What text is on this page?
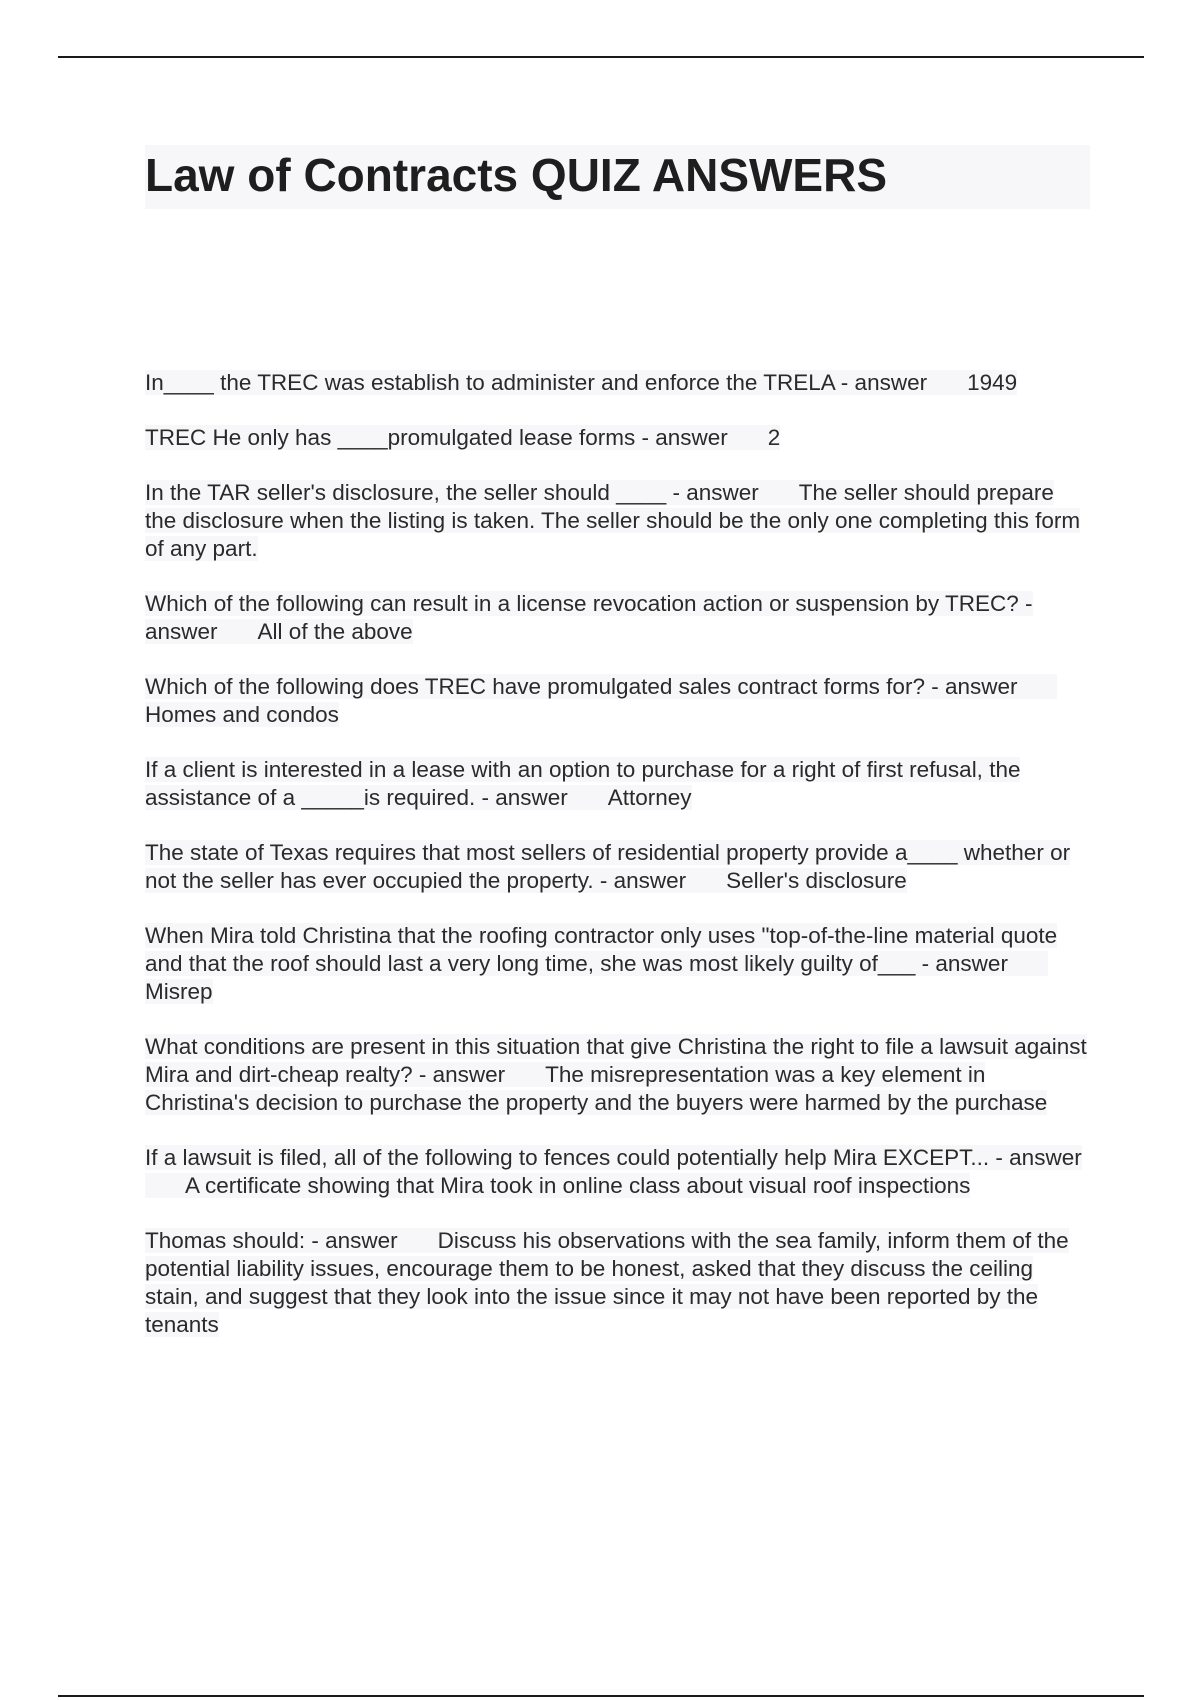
Law of Contracts QUIZ ANSWERS
In____ the TREC was establish to administer and enforce the TRELA - answer 1949
TREC He only has ____promulgated lease forms - answer 2
In the TAR seller's disclosure, the seller should ____ - answer The seller should prepare the disclosure when the listing is taken. The seller should be the only one completing this form of any part.
Which of the following can result in a license revocation action or suspension by TREC? - answer All of the above
Which of the following does TREC have promulgated sales contract forms for? - answerHomes and condos
If a client is interested in a lease with an option to purchase for a right of first refusal, the assistance of a _____is required. - answer Attorney
The state of Texas requires that most sellers of residential property provide a____ whether or not the seller has ever occupied the property. - answer Seller's disclosure
When Mira told Christina that the roofing contractor only uses "top-of-the-line material quote and that the roof should last a very long time, she was most likely guilty of___ - answerMisrep
What conditions are present in this situation that give Christina the right to file a lawsuit against Mira and dirt-cheap realty? - answer The misrepresentation was a key element in Christina's decision to purchase the property and the buyers were harmed by the purchase
If a lawsuit is filed, all of the following to fences could potentially help Mira EXCEPT... - answerA certificate showing that Mira took in online class about visual roof inspections
Thomas should: - answer Discuss his observations with the sea family, inform them of the potential liability issues, encourage them to be honest, asked that they discuss the ceiling stain, and suggest that they look into the issue since it may not have been reported by the tenants
